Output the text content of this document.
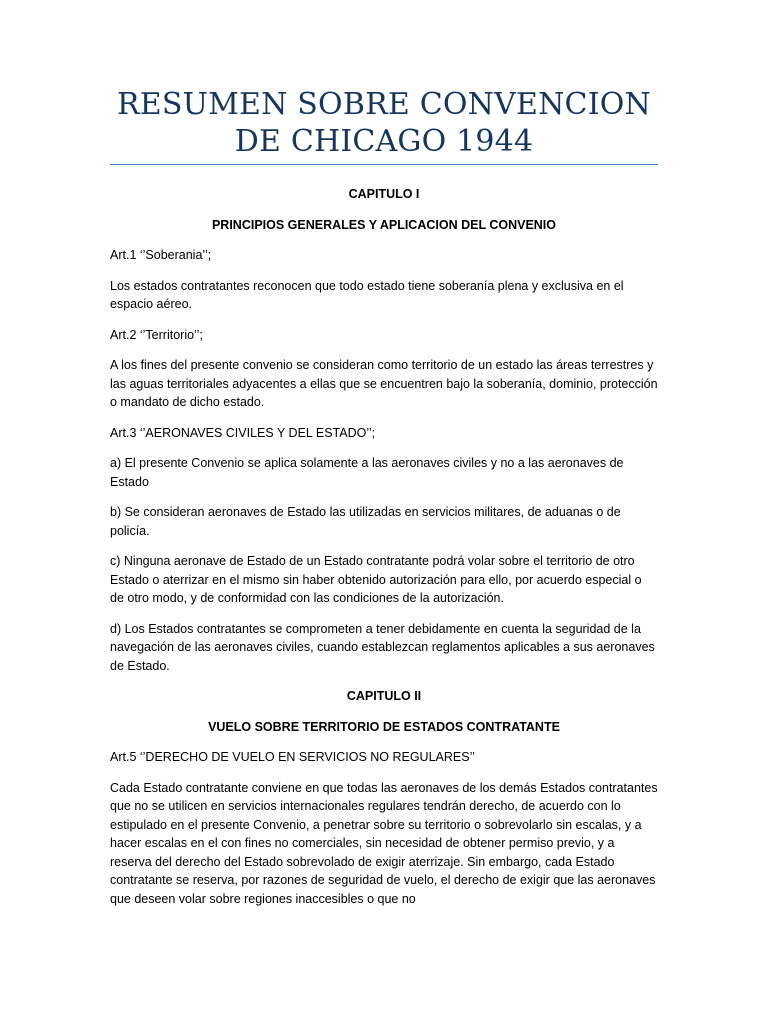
RESUMEN SOBRE CONVENCION DE CHICAGO 1944

CAPITULO I

PRINCIPIOS GENERALES Y APLICACION DEL CONVENIO

Art.1 ‘’Soberania’’;

Los estados contratantes reconocen que todo estado tiene soberanía plena y exclusiva en el espacio aéreo.

Art.2 ‘’Territorio’’;

A los fines del presente convenio se consideran como territorio de un estado las áreas terrestres y las aguas territoriales adyacentes a ellas que se encuentren bajo la soberanía, dominio, protección o mandato de dicho estado.

Art.3 ‘’AERONAVES CIVILES Y DEL ESTADO’’;

a) El presente Convenio se aplica solamente a las aeronaves civiles y no a las aeronaves de Estado

b) Se consideran aeronaves de Estado las utilizadas en servicios militares, de aduanas o de policía.

c) Ninguna aeronave de Estado de un Estado contratante podrá volar sobre el territorio de otro Estado o aterrizar en el mismo sin haber obtenido autorización para ello, por acuerdo especial o de otro modo, y de conformidad con las condiciones de la autorización.

d) Los Estados contratantes se comprometen a tener debidamente en cuenta la seguridad de la navegación de las aeronaves civiles, cuando establezcan reglamentos aplicables a sus aeronaves de Estado.

CAPITULO II

VUELO SOBRE TERRITORIO DE ESTADOS CONTRATANTE

Art.5 ‘’DERECHO DE VUELO EN SERVICIOS NO REGULARES’’

Cada Estado contratante conviene en que todas las aeronaves de los demás Estados contratantes que no se utilicen en servicios internacionales regulares tendrán derecho, de acuerdo con lo estipulado en el presente Convenio, a penetrar sobre su territorio o sobrevolarlo sin escalas, y a hacer escalas en el con fines no comerciales, sin necesidad de obtener permiso previo, y a reserva del derecho del Estado sobrevolado de exigir aterrizaje. Sin embargo, cada Estado contratante se reserva, por razones de seguridad de vuelo, el derecho de exigir que las aeronaves que deseen volar sobre regiones inaccesibles o que no
